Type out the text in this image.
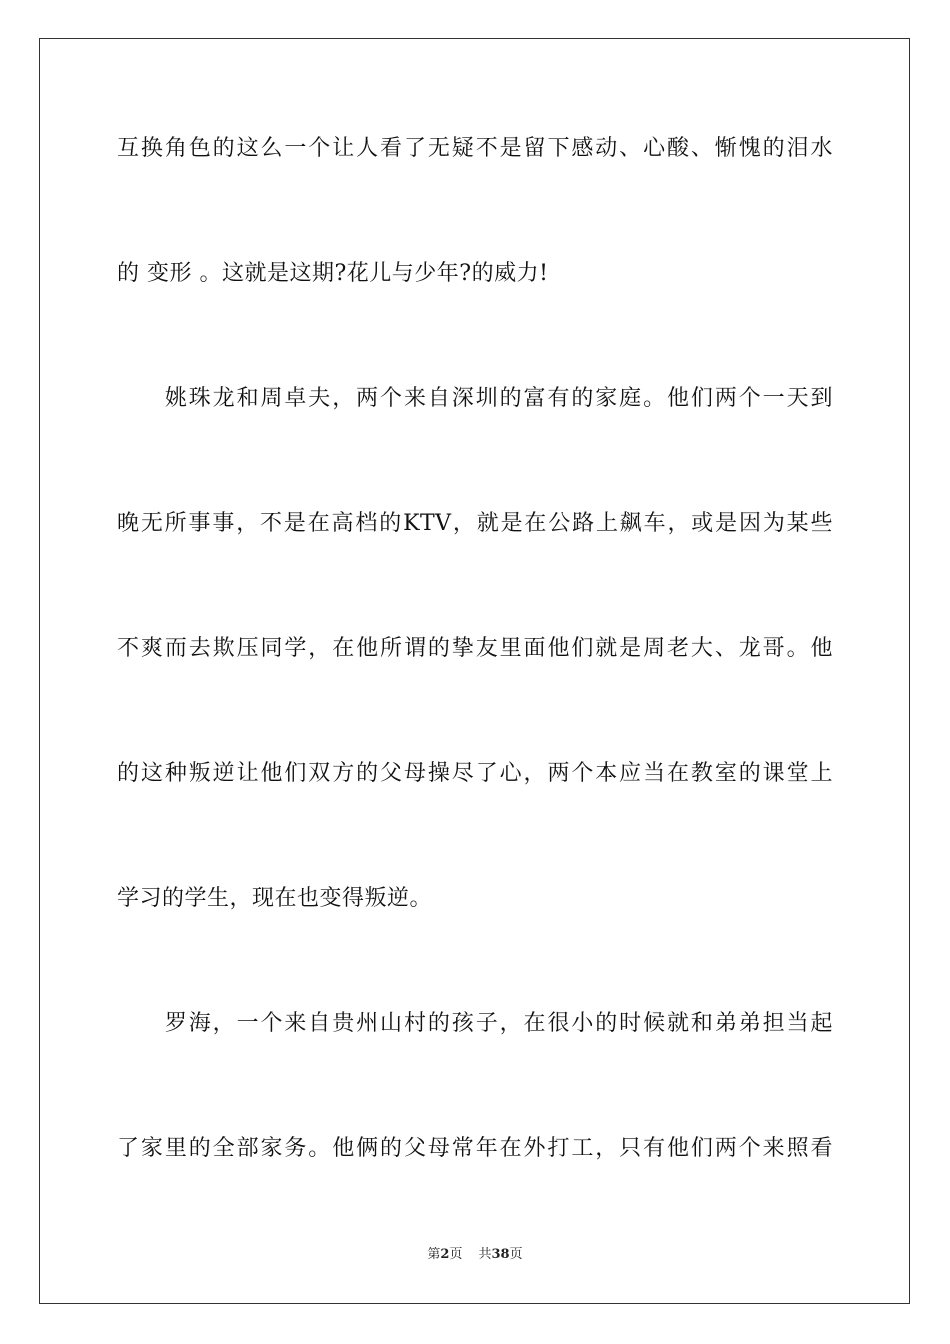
互换角色的这么一个让人看了无疑不是留下感动、心酸、惭愧的泪水
的 变形 。这就是这期?花儿与少年?的威力!
　　姚珠龙和周卓夫，两个来自深圳的富有的家庭。他们两个一天到
晚无所事事，不是在高档的KTV，就是在公路上飙车，或是因为某些
不爽而去欺压同学，在他所谓的挚友里面他们就是周老大、龙哥。他
的这种叛逆让他们双方的父母操尽了心，两个本应当在教室的课堂上
学习的学生，现在也变得叛逆。
　　罗海，一个来自贵州山村的孩子，在很小的时候就和弟弟担当起
了家里的全部家务。他俩的父母常年在外打工，只有他们两个来照看
第2页 共38页
